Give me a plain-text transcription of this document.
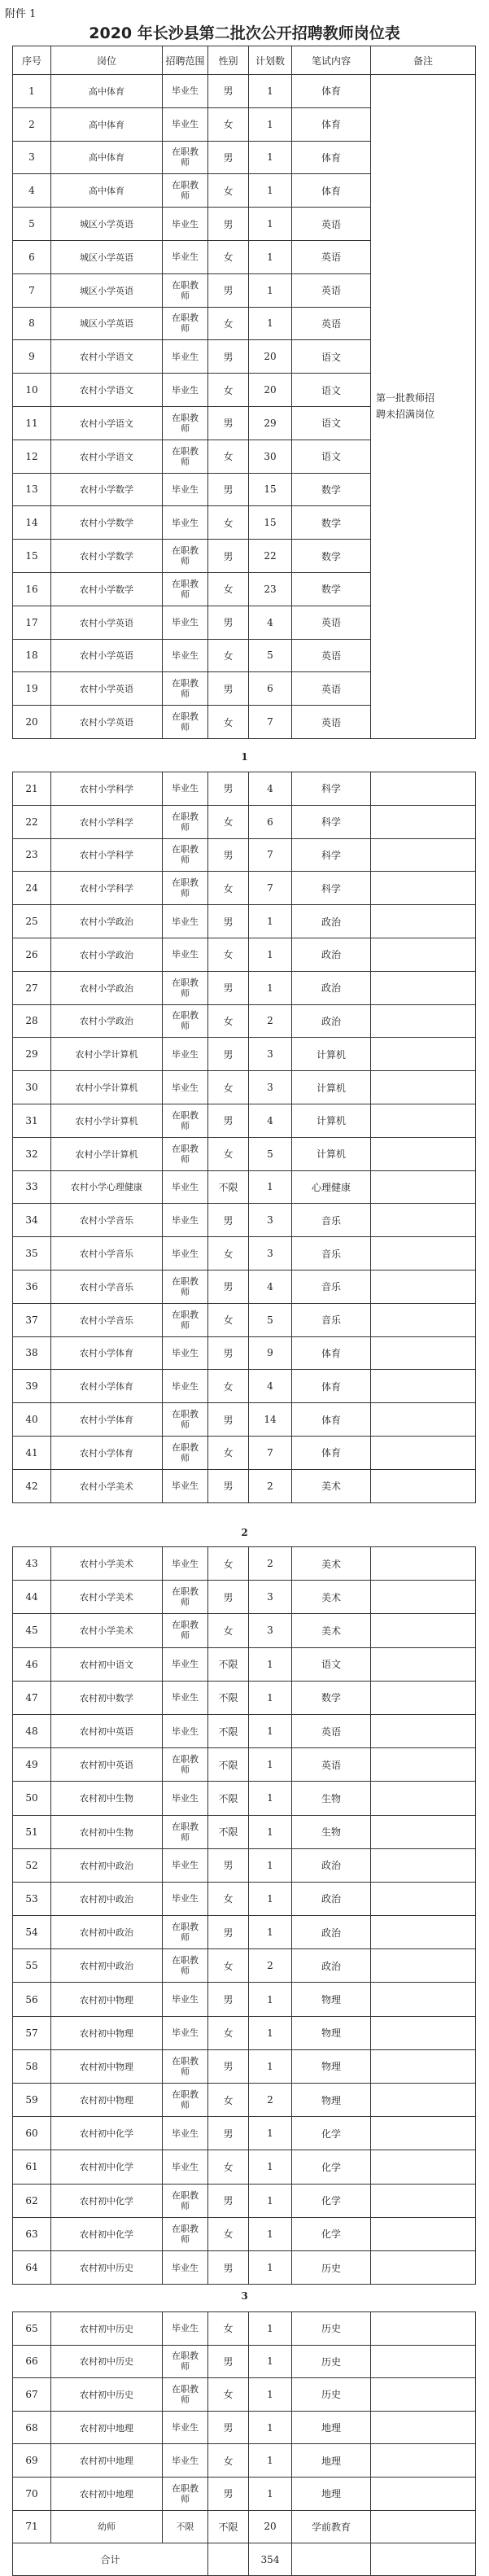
附件 1
2020 年长沙县第二批次公开招聘教师岗位表
序号	岗位	招聘范围	性别	计划数	笔试内容	备注
1	高中体育	毕业生	男	1	体育	第一批教师招聘未招满岗位
2	高中体育	毕业生	女	1	体育	
3	高中体育	在职教师	男	1	体育	
4	高中体育	在职教师	女	1	体育	
5	城区小学英语	毕业生	男	1	英语	
6	城区小学英语	毕业生	女	1	英语	
7	城区小学英语	在职教师	男	1	英语	
8	城区小学英语	在职教师	女	1	英语	
9	农村小学语文	毕业生	男	20	语文	
10	农村小学语文	毕业生	女	20	语文	
11	农村小学语文	在职教师	男	29	语文	
12	农村小学语文	在职教师	女	30	语文	
13	农村小学数学	毕业生	男	15	数学	
14	农村小学数学	毕业生	女	15	数学	
15	农村小学数学	在职教师	男	22	数学	
16	农村小学数学	在职教师	女	23	数学	
17	农村小学英语	毕业生	男	4	英语	
18	农村小学英语	毕业生	女	5	英语	
19	农村小学英语	在职教师	男	6	英语	
20	农村小学英语	在职教师	女	7	英语	
1
21	农村小学科学	毕业生	男	4	科学	
22	农村小学科学	在职教师	女	6	科学	
23	农村小学科学	在职教师	男	7	科学	
24	农村小学科学	在职教师	女	7	科学	
25	农村小学政治	毕业生	男	1	政治	
26	农村小学政治	毕业生	女	1	政治	
27	农村小学政治	在职教师	男	1	政治	
28	农村小学政治	在职教师	女	2	政治	
29	农村小学计算机	毕业生	男	3	计算机	
30	农村小学计算机	毕业生	女	3	计算机	
31	农村小学计算机	在职教师	男	4	计算机	
32	农村小学计算机	在职教师	女	5	计算机	
33	农村小学心理健康	毕业生	不限	1	心理健康	
34	农村小学音乐	毕业生	男	3	音乐	
35	农村小学音乐	毕业生	女	3	音乐	
36	农村小学音乐	在职教师	男	4	音乐	
37	农村小学音乐	在职教师	女	5	音乐	
38	农村小学体育	毕业生	男	9	体育	
39	农村小学体育	毕业生	女	4	体育	
40	农村小学体育	在职教师	男	14	体育	
41	农村小学体育	在职教师	女	7	体育	
42	农村小学美术	毕业生	男	2	美术	
2
43	农村小学美术	毕业生	女	2	美术	
44	农村小学美术	在职教师	男	3	美术	
45	农村小学美术	在职教师	女	3	美术	
46	农村初中语文	毕业生	不限	1	语文	
47	农村初中数学	毕业生	不限	1	数学	
48	农村初中英语	毕业生	不限	1	英语	
49	农村初中英语	在职教师	不限	1	英语	
50	农村初中生物	毕业生	不限	1	生物	
51	农村初中生物	在职教师	不限	1	生物	
52	农村初中政治	毕业生	男	1	政治	
53	农村初中政治	毕业生	女	1	政治	
54	农村初中政治	在职教师	男	1	政治	
55	农村初中政治	在职教师	女	2	政治	
56	农村初中物理	毕业生	男	1	物理	
57	农村初中物理	毕业生	女	1	物理	
58	农村初中物理	在职教师	男	1	物理	
59	农村初中物理	在职教师	女	2	物理	
60	农村初中化学	毕业生	男	1	化学	
61	农村初中化学	毕业生	女	1	化学	
62	农村初中化学	在职教师	男	1	化学	
63	农村初中化学	在职教师	女	1	化学	
64	农村初中历史	毕业生	男	1	历史	
3
65	农村初中历史	毕业生	女	1	历史	
66	农村初中历史	在职教师	男	1	历史	
67	农村初中历史	在职教师	女	1	历史	
68	农村初中地理	毕业生	男	1	地理	
69	农村初中地理	毕业生	女	1	地理	
70	农村初中地理	在职教师	男	1	地理	
71	幼师	不限	不限	20	学前教育	
合计				354		
